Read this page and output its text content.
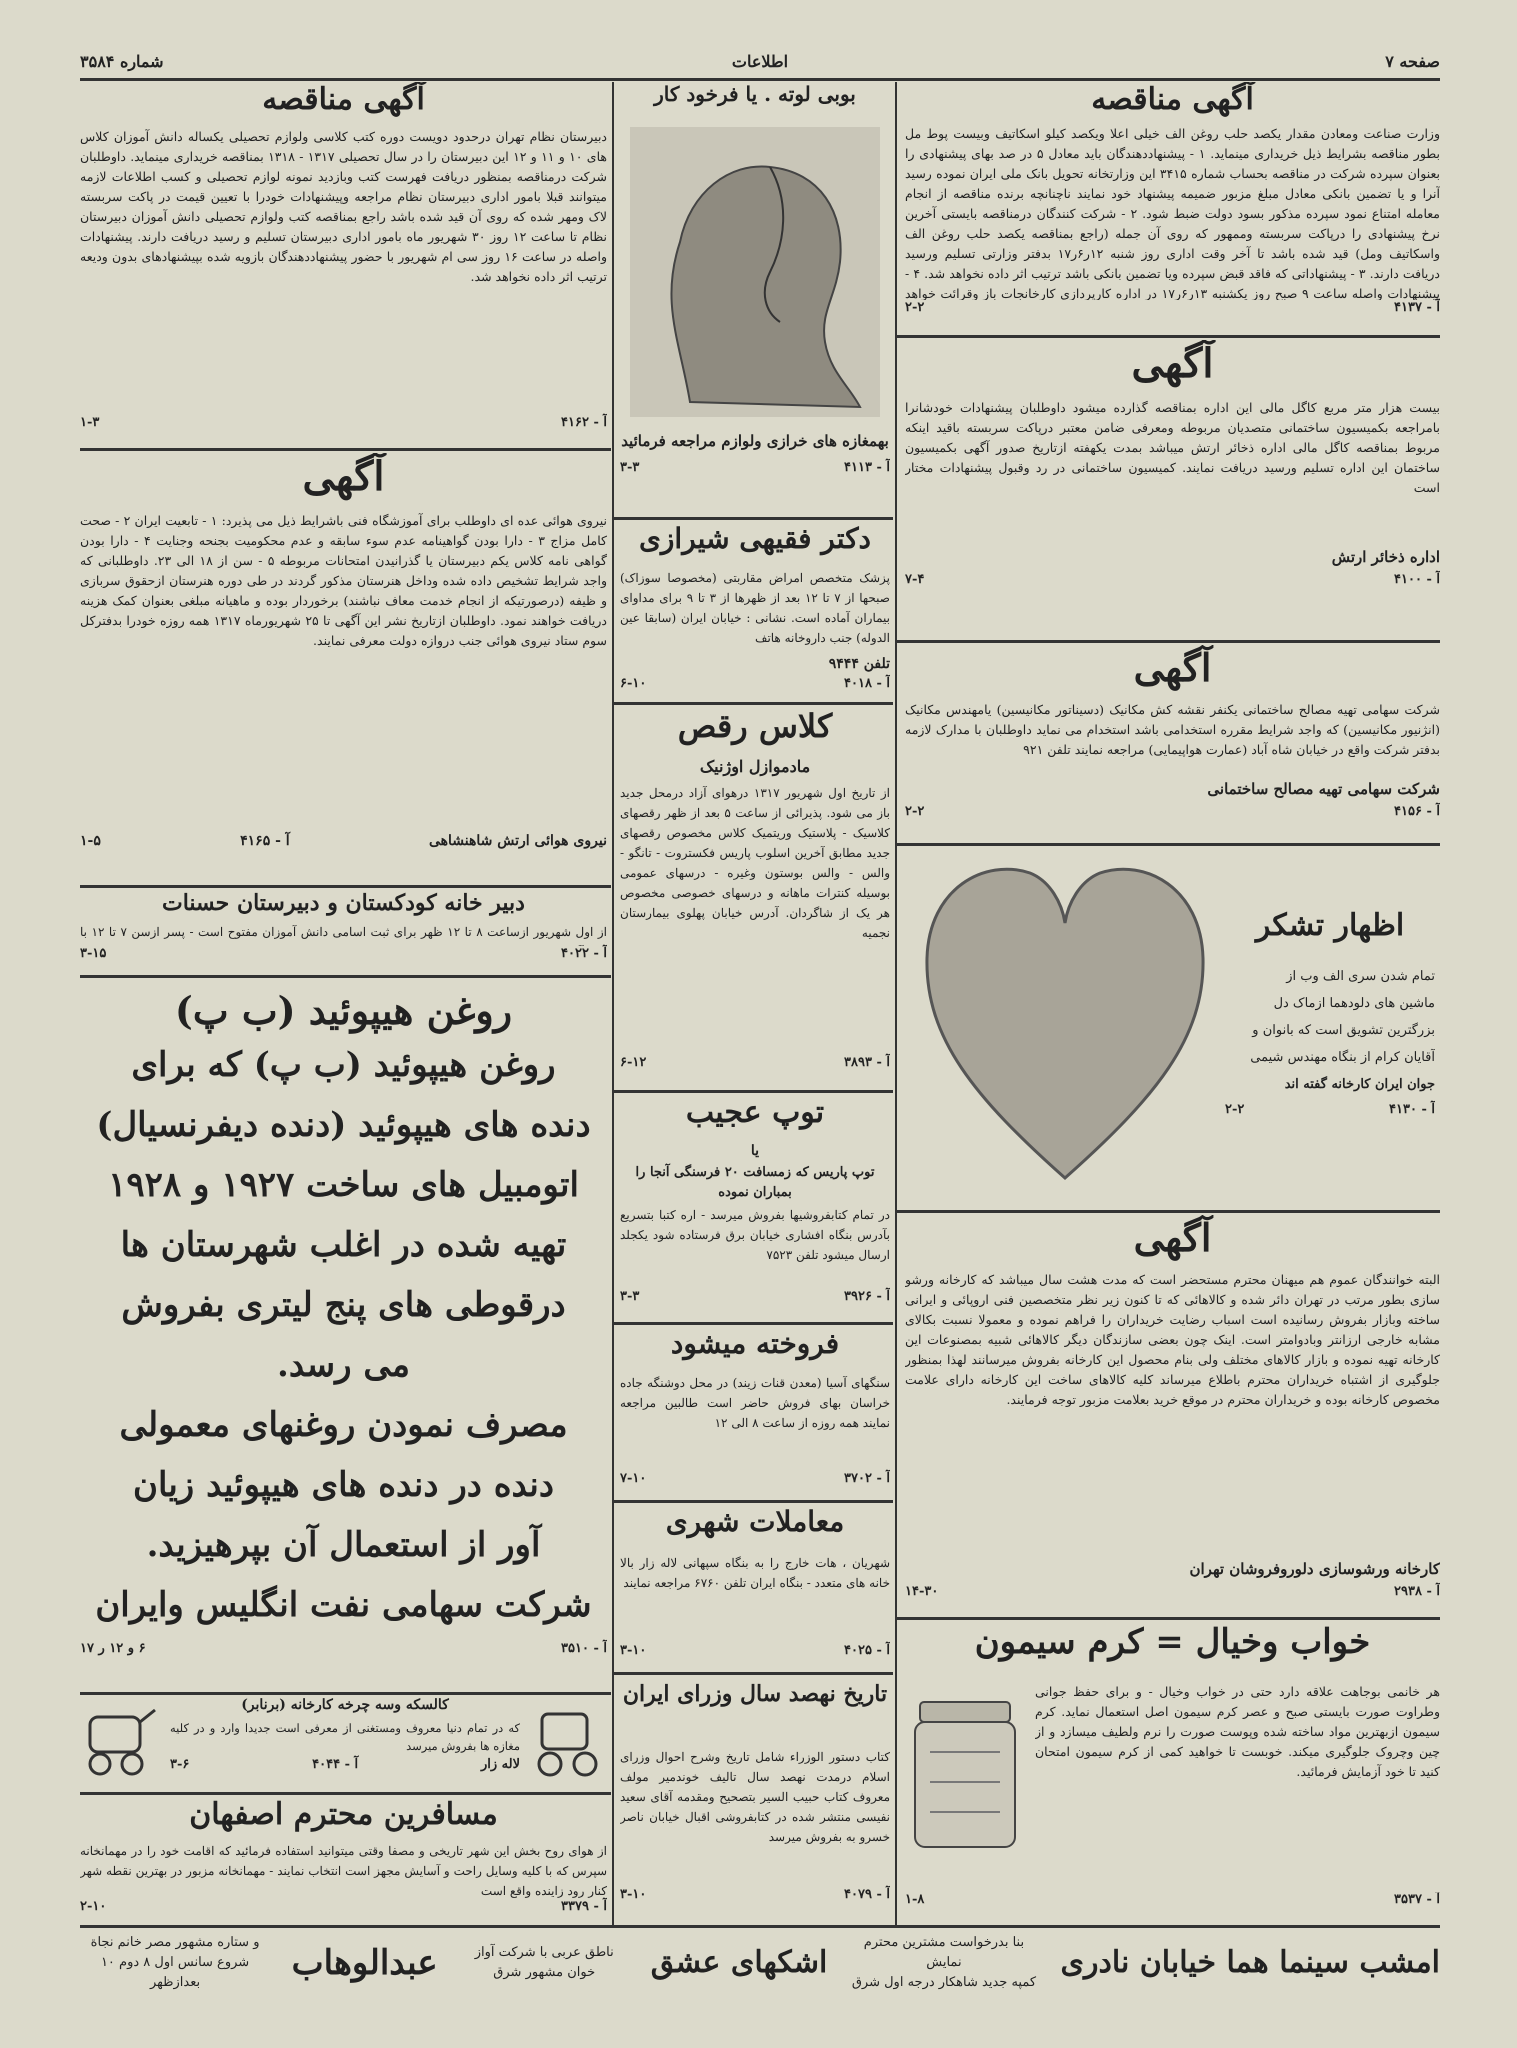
صفحه ۷
اطلاعات
شماره ۳۵۸۴
آگهی مناقصه
وزارت صناعت ومعادن مقدار یکصد حلب روغن الف خیلی اعلا ویکصد کیلو اسکاتیف وبیست پوط مل بطور مناقصه بشرایط ذیل خریداری مینماید. ۱ - پیشنهاددهندگان باید معادل ۵ در صد بهای پیشنهادی را بعنوان سپرده شرکت در مناقصه بحساب شماره ۳۴۱۵ این وزارتخانه تحویل بانک ملی ایران نموده رسید آنرا و یا تضمین بانکی معادل مبلغ مزبور ضمیمه پیشنهاد خود نمایند ناچنانچه برنده مناقصه از انجام معامله امتناع نمود سپرده مذکور بسود دولت ضبط شود. ۲ - شرکت کنندگان درمناقصه بایستی آخرین نرخ پیشنهادی را درپاکت سربسته وممهور که روی آن جمله (راجع بمناقصه یکصد حلب روغن الف واسکاتیف ومل) قید شده باشد تا آخر وقت اداری روز شنبه ۱۲ر۶ر۱۷ بدفتر وزارتی تسلیم ورسید دریافت دارند. ۳ - پیشنهاداتی که فاقد قبض سپرده ویا تضمین بانکی باشد ترتیب اثر داده نخواهد شد. ۴ - پیشنهادات واصله ساعت ۹ صبح روز یکشنبه ۱۳ر۶ر۱۷ در اداره کارپردازی کارخانجات باز وقرائت خواهد
آ - ۴۱۳۷
۲-۲
آگهی
بیست هزار متر مربع کاگل مالی این اداره بمناقصه گذارده میشود داوطلبان پیشنهادات خودشانرا بامراجعه بکمیسیون ساختمانی متصدیان مربوطه ومعرفی ضامن معتبر درپاکت سربسته باقید اینکه مربوط بمناقصه کاگل مالی اداره ذخائر ارتش میباشد بمدت یکهفته ازتاریخ صدور آگهی بکمیسیون ساختمان این اداره تسلیم ورسید دریافت نمایند. کمیسیون ساختمانی در رد وقبول پیشنهادات مختار است
اداره ذخائر ارتش
آ - ۴۱۰۰
۷-۴
آگهی
شرکت سهامی تهیه مصالح ساختمانی یکنفر نقشه کش مکانیک (دسیناتور مکانیسین) یامهندس مکانیک (انژنیور مکانیسین) که واجد شرایط مقرره استخدامی باشد استخدام می نماید داوطلبان با مدارک لازمه بدفتر شرکت واقع در خیابان شاه آباد (عمارت هواپیمایی) مراجعه نمایند تلفن ۹۲۱
شرکت سهامی تهیه مصالح ساختمانی
آ - ۴۱۵۶
۲-۲
اظهار تشکر
تمام شدن سری الف وب از
ماشین های دلودهما ازماک دل
بزرگترین تشویق است که بانوان و
آقایان کرام از بنگاه مهندس شیمی
جوان ایران کارخانه گفته اند
آ - ۴۱۳۰
۲-۲
آگهی
البته خوانندگان عموم هم میهنان محترم مستحضر است که مدت هشت سال میباشد که کارخانه ورشو سازی بطور مرتب در تهران دائر شده و کالاهائی که تا کنون زیر نظر متخصصین فنی اروپائی و ایرانی ساخته وبازار بفروش رسانیده است اسباب رضایت خریداران را فراهم نموده و معمولا نسبت بکالای مشابه خارجی ارزانتر وبادوامتر است. اینک چون بعضی سازندگان دیگر کالاهائی شبیه بمصنوعات این کارخانه تهیه نموده و بازار کالاهای مختلف ولی بنام محصول این کارخانه بفروش میرسانند لهذا بمنظور جلوگیری از اشتباه خریداران محترم باطلاع میرساند کلیه کالاهای ساخت این کارخانه دارای علامت مخصوص کارخانه بوده و خریداران محترم در موقع خرید بعلامت مزبور توجه فرمایند.
کارخانه ورشوسازی دلوروفروشان تهران
آ - ۲۹۳۸
۱۴-۳۰
خواب وخیال = کرم سیمون
هر خانمی بوجاهت علاقه دارد حتی در خواب وخیال - و برای حفظ جوانی وطراوت صورت بایستی صبح و عصر کرم سیمون اصل استعمال نماید. کرم سیمون ازبهترین مواد ساخته شده وپوست صورت را نرم ولطیف میسازد و از چین وچروک جلوگیری میکند. خوبست تا خواهید کمی از کرم سیمون امتحان کنید تا خود آزمایش فرمائید.
آ - ۳۵۳۷
۱-۸
بوبی لوته . یا فرخود کار
بهمغازه های خرازی ولوازم مراجعه فرمائید
آ - ۴۱۱۳
۳-۳
دکتر فقیهی شیرازی
پزشک متخصص امراض مقاربتی (مخصوصا سوزاک) صبحها از ۷ تا ۱۲ بعد از ظهرها از ۳ تا ۹ برای مداوای بیماران آماده است. نشانی : خیابان ایران (سابقا عین الدوله) جنب داروخانه هاتف
تلفن ۹۴۴۴
آ - ۴۰۱۸
۶-۱۰
کلاس رقص
مادموازل اوژنیک
از تاریخ اول شهریور ۱۳۱۷ درهوای آزاد درمحل جدید باز می شود. پذیرائی از ساعت ۵ بعد از ظهر رقصهای کلاسیک - پلاستیک وریتمیک کلاس مخصوص رقصهای جدید مطابق آخرین اسلوب پاریس فکستروت - تانگو - والس - والس بوستون وغیره - درسهای عمومی بوسیله کنترات ماهانه و درسهای خصوصی مخصوص هر یک از شاگردان. آدرس خیابان پهلوی بیمارستان نجمیه
آ - ۳۸۹۳
۶-۱۲
توپ عجیب
یا
توپ پاریس که زمسافت ۲۰ فرسنگی آنجا را بمباران نموده
در تمام کتابفروشیها بفروش میرسد - اره کتبا بتسریع بآدرس بنگاه افشاری خیابان برق فرستاده شود یکجلد ارسال میشود تلفن ۷۵۲۳
آ - ۳۹۲۶
۳-۳
فروخته میشود
سنگهای آسیا (معدن قنات زیند) در محل دوشنگه جاده خراسان بهای فروش حاضر است طالبین مراجعه نمایند همه روزه از ساعت ۸ الی ۱۲
آ - ۳۷۰۲
۷-۱۰
معاملات شهری
شهریان ، هات خارج را به بنگاه سپهانی لاله زار بالا خانه های متعدد - بنگاه ایران تلفن ۶۷۶۰ مراجعه نمایند
آ - ۴۰۲۵
۳-۱۰
تاریخ نهصد سال وزرای ایران
کتاب دستور الوزراء شامل تاریخ وشرح احوال وزرای اسلام درمدت نهصد سال تالیف خوندمیر مولف معروف کتاب حبیب السیر بتصحیح ومقدمه آقای سعید نفیسی منتشر شده در کتابفروشی اقبال خیابان ناصر خسرو به بفروش میرسد
آ - ۴۰۷۹
۳-۱۰
آگهی مناقصه
دبیرستان نظام تهران درحدود دویست دوره کتب کلاسی ولوازم تحصیلی یکساله دانش آموزان کلاس های ۱۰ و ۱۱ و ۱۲ این دبیرستان را در سال تحصیلی ۱۳۱۷ - ۱۳۱۸ بمناقصه خریداری مینماید. داوطلبان شرکت درمناقصه بمنظور دریافت فهرست کتب وبازدید نمونه لوازم تحصیلی و کسب اطلاعات لازمه میتوانند قبلا بامور اداری دبیرستان نظام مراجعه وپیشنهادات خودرا با تعیین قیمت در پاکت سربسته لاک ومهر شده که روی آن قید شده باشد راجع بمناقصه کتب ولوازم تحصیلی دانش آموزان دبیرستان نظام تا ساعت ۱۲ روز ۳۰ شهریور ماه بامور اداری دبیرستان تسلیم و رسید دریافت دارند. پیشنهادات واصله در ساعت ۱۶ روز سی ام شهریور با حضور پیشنهاددهندگان بازویه شده بپیشنهادهای بدون ودیعه ترتیب اثر داده نخواهد شد.
آ - ۴۱۶۲
۱-۳
آگهی
نیروی هوائی عده ای داوطلب برای آموزشگاه فنی باشرایط ذیل می پذیرد: ۱ - تابعیت ایران ۲ - صحت کامل مزاج ۳ - دارا بودن گواهینامه عدم سوء سابقه و عدم محکومیت بجنحه وجنایت ۴ - دارا بودن گواهی نامه کلاس یکم دبیرستان یا گذرانیدن امتحانات مربوطه ۵ - سن از ۱۸ الی ۲۳. داوطلبانی که واجد شرایط تشخیص داده شده وداخل هنرستان مذکور گردند در طی دوره هنرستان ازحقوق سربازی و ظیفه (درصورتیکه از انجام خدمت معاف نباشند) برخوردار بوده و ماهیانه مبلغی بعنوان کمک هزینه دریافت خواهند نمود. داوطلبان ازتاریخ نشر این آگهی تا ۲۵ شهریورماه ۱۳۱۷ همه روزه خودرا بدفترکل سوم ستاد نیروی هوائی جنب دروازه دولت معرفی نمایند.
نیروی هوائی ارتش شاهنشاهی
آ - ۴۱۶۵
۱-۵
دبیر خانه کودکستان و دبیرستان حسنات
از اول شهریور ازساعت ۸ تا ۱۲ ظهر برای ثبت اسامی دانش آموزان مفتوح است - پسر ازسن ۷ تا ۱۲ با
آ - ۴۰۲۲
۳-۱۵
روغن هیپوئید (ب پ)
روغن هیپوئید (ب پ) که برای
دنده های هیپوئید (دنده دیفرنسیال)
اتومبیل های ساخت ۱۹۲۷ و ۱۹۲۸
تهیه شده در اغلب شهرستان ها
درقوطی های پنج لیتری بفروش
می رسد.
مصرف نمودن روغنهای معمولی
دنده در دنده های هیپوئید زیان
آور از استعمال آن بپرهیزید.
شرکت سهامی نفت انگلیس وایران
آ - ۳۵۱۰
۶ و ۱۲ ر ۱۷
کالسکه وسه چرخه کارخانه (برنابر)
که در تمام دنیا معروف ومستغنی از معرفی است جدیدا وارد و در کلیه مغازه ها بفروش میرسد
لاله زار
آ - ۴۰۴۴
۳-۶
مسافرین محترم اصفهان
از هوای روح بخش این شهر تاریخی و مصفا وقتی میتوانید استفاده فرمائید که اقامت خود را در مهمانخانه سپرس که با کلیه وسایل راحت و آسایش مجهز است انتخاب نمایند - مهمانخانه مزبور در بهترین نقطه شهر کنار رود زاینده واقع است
آ - ۳۳۷۹
۲-۱۰
امشب سینما هما خیابان نادری
بنا بدرخواست مشترین محترم نمایش
کمپه جدید شاهکار درجه اول شرق
اشکهای عشق
ناطق عربی با شرکت آواز خوان مشهور شرق
عبدالوهاب
و ستاره مشهور مصر خانم نجاة
شروع سانس اول ۸ دوم ۱۰ بعدازظهر
